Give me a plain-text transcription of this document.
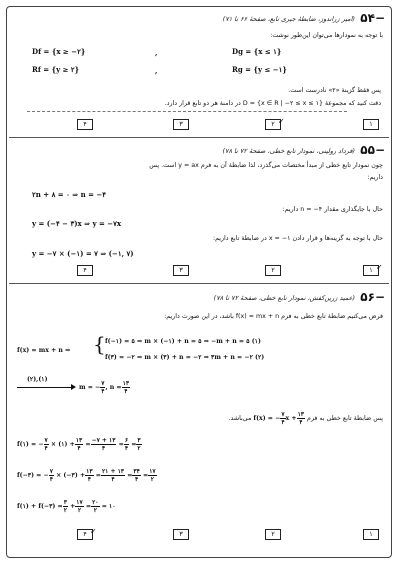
۵۴−
(امیر زراندوز، ضابطهٔ جبری تابع، صفحهٔ ۶۶ تا ۷۱)
با توجه به نمودارها می‌توان این‌طور نوشت:
Df = {x ≥ −۲}	,	Dg = {x ≤ ۱}
Rf = {y ≥ ۲}	,	Rg = {y ≤ −۱}
پس فقط گزینهٔ «۲» نادرست است.
دقت کنید که مجموعهٔ D = {x ∈ R | −۲ ≤ x ≤ ۱} در دامنهٔ هر دو تابع قرار دارد.
۴	۳	۲ ✓	۱
۵۵−
(فرداد رولینی، نمودار تابع خطی، صفحهٔ ۷۲ تا ۷۸)
چون نمودار تابع خطی از مبدأ مختصات می‌گذرد، لذا ضابطهٔ آن به فرم y = ax است. پس
داریم:
۲n + ۸ = ۰ ⇒ n = −۴
حال با جایگذاری مقدار n = −۴ داریم:
y = (−۴ − ۳)x ⇒ y = −۷x
حال با توجه به گزینه‌ها و قرار دادن x = −۱ در ضابطهٔ تابع داریم:
y = −۷ × (−۱) = ۷ ⇒ (−۱, ۷)
۴	۳	۲	۱ ✓
۵۶−
(عمید زرین‌کفش، نمودار تابع خطی، صفحهٔ ۷۲ تا ۷۸)
فرض می‌کنیم ضابطهٔ تابع خطی به فرم f(x) = mx + n باشد، در این صورت داریم:
f(x) = mx + n ⇒ { f(−۱) = ۵ ⇒ m × (−۱) + n = ۵ ⇒ −m + n = ۵ (۱)
f(۳) = −۲ ⇒ m × (۳) + n = −۲ ⇒ ۳m + n = −۲ (۲)
(۲),(۱)
m = − $\frac{۷}{۴}$ , $n = \frac{۱۳}{۴}$
پس ضابطهٔ تابع خطی به فرم f(x) = − $\frac{۷}{۴}$ $x + \frac{۱۳}{۴}$
می‌باشد.
f(۱) = − $\frac{۷}{۴}$ × (۱) + $\frac{۱۳}{۴} = \frac{-۷ + ۱۳}{۴} = \frac{۶}{۴} = \frac{۳}{۲}$
f(−۳) = − $\frac{۷}{۴}$ × (−۳) + $\frac{۱۳}{۴} = \frac{۲۱ + ۱۳}{۴} = \frac{۳۴}{۴} = \frac{۱۷}{۲}$
f(۱) + f(−۳) = $\frac{۳}{۲} + \frac{۱۷}{۲} = \frac{۲۰}{۲}$ = ۱۰
۴ ✓	۳	۲	۱
